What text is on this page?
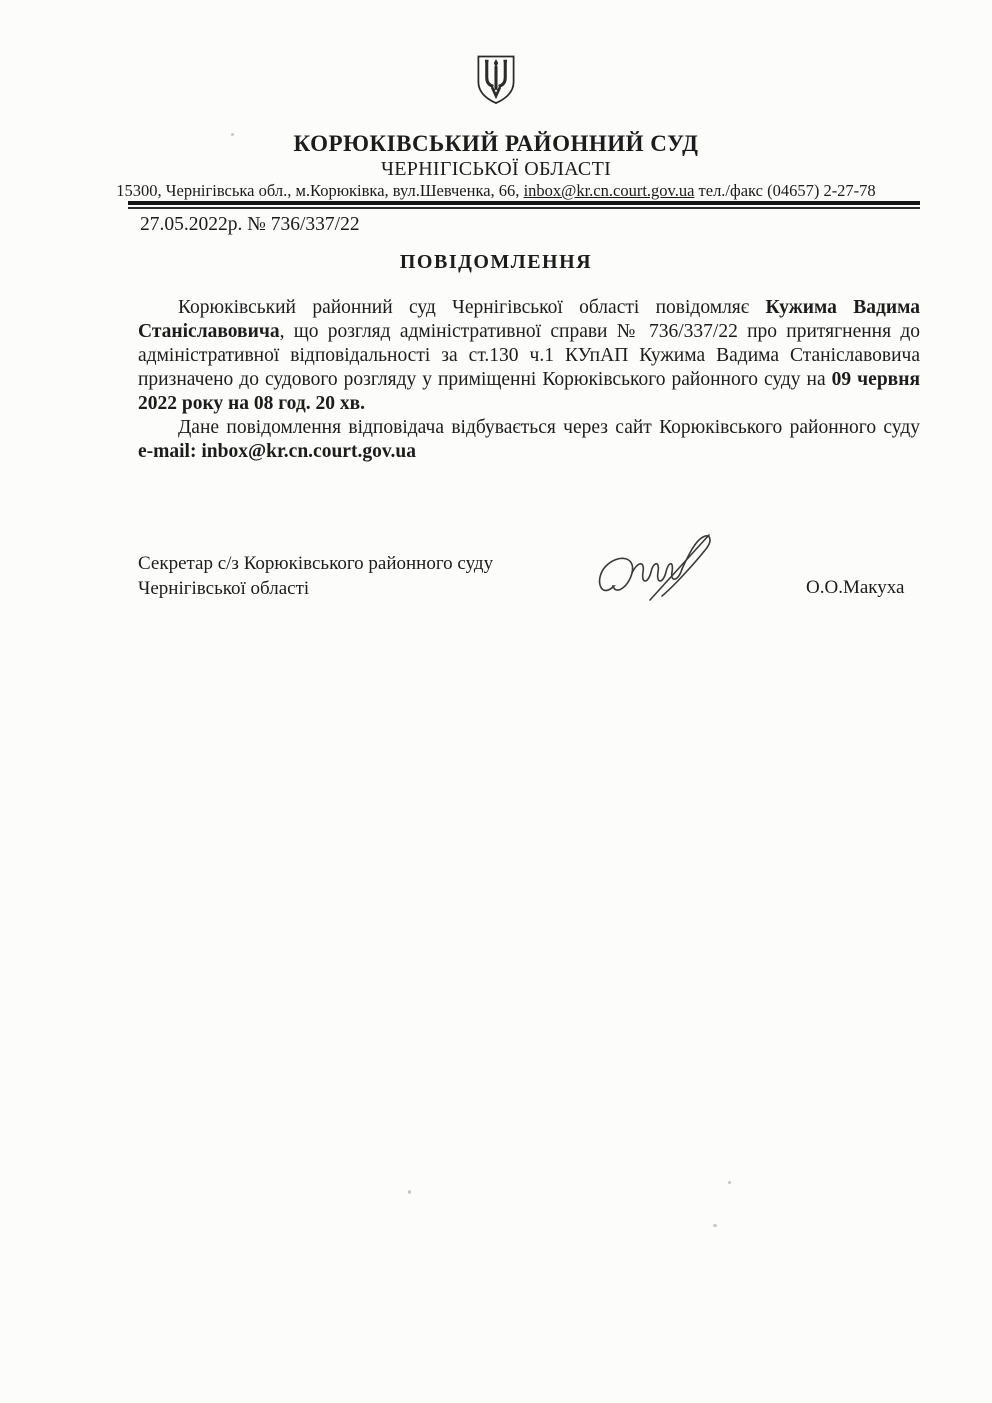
КОРЮКІВСЬКИЙ РАЙОННИЙ СУД
ЧЕРНІГІСЬКОЇ ОБЛАСТІ
15300, Чернігівська обл., м.Корюківка, вул.Шевченка, 66, inbox@kr.cn.court.gov.ua тел./факс (04657) 2-27-78
27.05.2022р. № 736/337/22
ПОВІДОМЛЕННЯ

Корюківський районний суд Чернігівської області повідомляє Кужима Вадима Станіславовича, що розгляд адміністративної справи № 736/337/22 про притягнення до адміністративної відповідальності за ст.130 ч.1 КУпАП Кужима Вадима Станіславовича призначено до судового розгляду у приміщенні Корюківського районного суду на 09 червня 2022 року на 08 год. 20 хв.

Дане повідомлення відповідача відбувається через сайт Корюківського районного суду e-mail: inbox@kr.cn.court.gov.ua

Секретар с/з Корюківського районного суду
Чернігівської області	О.О.Макуха
